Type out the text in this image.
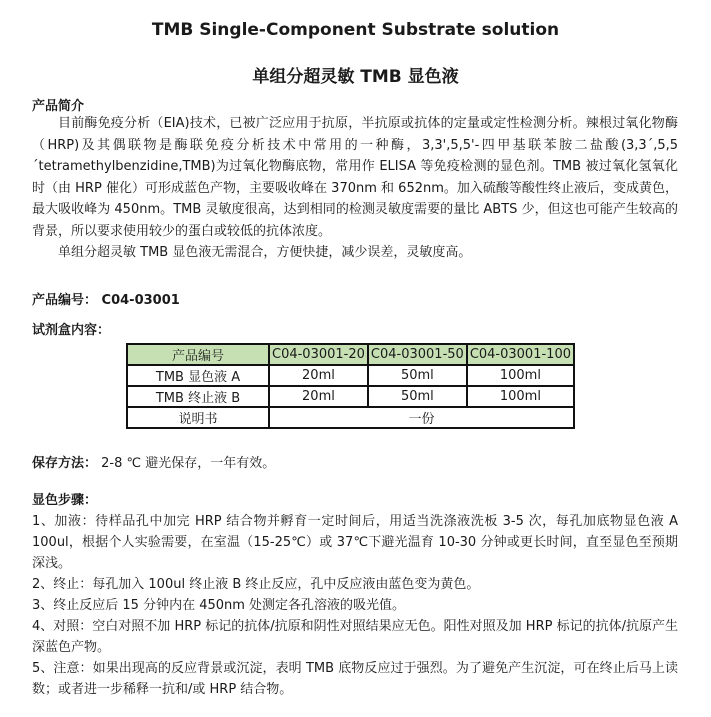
TMB Single-Component Substrate solution
单组分超灵敏 TMB 显色液
产品简介

目前酶免疫分析（EIA)技术，已被广泛应用于抗原，半抗原或抗体的定量或定性检测分析。辣根过氧化物酶（HRP)及其偶联物是酶联免疫分析技术中常用的一种酶，3,3',5,5'-四甲基联苯胺二盐酸(3,3´,5,5´tetramethylbenzidine,TMB)为过氧化物酶底物，常用作 ELISA 等免疫检测的显色剂。TMB 被过氧化氢氧化时（由 HRP 催化）可形成蓝色产物，主要吸收峰在 370nm 和 652nm。加入硫酸等酸性终止液后，变成黄色，最大吸收峰为 450nm。TMB 灵敏度很高，达到相同的检测灵敏度需要的量比 ABTS 少，但这也可能产生较高的背景，所以要求使用较少的蛋白或较低的抗体浓度。

单组分超灵敏 TMB 显色液无需混合，方便快捷，减少误差，灵敏度高。

产品编号： C04-03001
试剂盒内容：
产品编号	C04-03001-20	C04-03001-50	C04-03001-100
TMB 显色液 A	20ml	50ml	100ml
TMB 终止液 B	20ml	50ml	100ml
说明书	一份		
保存方法： 2-8 ℃ 避光保存，一年有效。
显色步骤：
1、加液：待样品孔中加完 HRP 结合物并孵育一定时间后，用适当洗涤液洗板 3-5 次，每孔加底物显色液 A 100ul，根据个人实验需要，在室温（15-25℃）或 37℃下避光温育 10-30 分钟或更长时间，直至显色至预期深浅。
2、终止：每孔加入 100ul 终止液 B 终止反应，孔中反应液由蓝色变为黄色。
3、终止反应后 15 分钟内在 450nm 处测定各孔溶液的吸光值。
4、对照：空白对照不加 HRP 标记的抗体/抗原和阴性对照结果应无色。阳性对照及加 HRP 标记的抗体/抗原产生深蓝色产物。
5、注意：如果出现高的反应背景或沉淀，表明 TMB 底物反应过于强烈。为了避免产生沉淀，可在终止后马上读数；或者进一步稀释一抗和/或 HRP 结合物。
